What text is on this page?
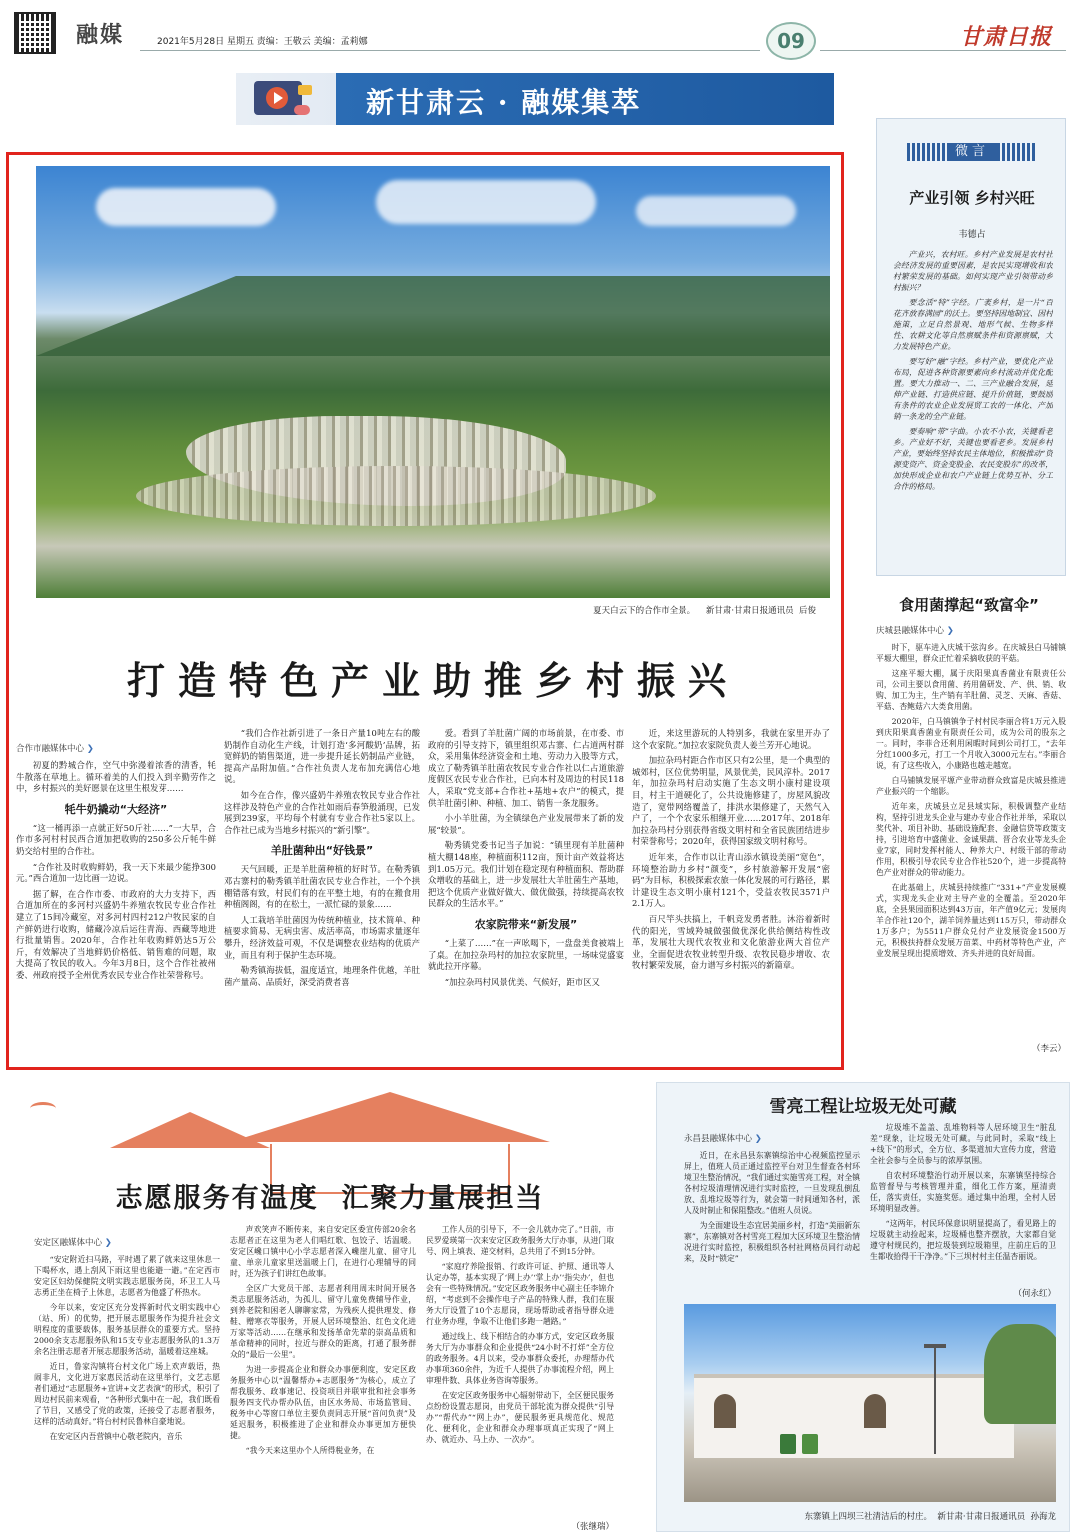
融媒	2021年5月28日 星期五 责编：王敬云 美编：孟莉娜	09	甘肃日报
新甘肃云 · 融媒集萃
夏天白云下的合作市全景。    新甘肃·甘肃日报通讯员  后俊
打造特色产业助推乡村振兴
合作市融媒体中心 ❯

初夏的黔城合作，空气中弥漫着浓香的清香，牦牛散落在草地上。循环着美的人们投入到辛勤劳作之中，乡村振兴的美好愿景在这里生根发芽……

牦牛奶撬动“大经济”

“这一桶再添一点就正好50斤社……”一大早，合作市多河村村民西合道加把收购的250多公斤牦牛鲜奶交给村里的合作社。

“合作社及时收购鲜奶，我一天下来最少能挣300元。”西合道加一边比画一边说。

据了解，在合作市委、市政府的大力支持下，西合道加所在的多河村兴盛奶牛养殖农牧民专业合作社建立了15间冷藏室，对多河村四村212户牧民家的自产鲜奶进行收购，储藏冷凉后运往青海、西藏等地进行批量销售。2020年，合作社年收购鲜奶达5万公斤，有效解决了当地鲜奶价格低、销售难的问题，取大提高了牧民的收入。今年3月8日，这个合作社被州委、州政府授予全州优秀农民专业合作社荣誉称号。

“我们合作社新引进了一条日产量10吨左右的酸奶制作自动化生产线，计划打造‘多河酸奶’品牌，拓宽鲜奶的销售渠道，进一步提升延长奶制品产业链，提高产品附加值。”合作社负责人龙布加充满信心地说。

如今在合作，像兴盛奶牛养殖农牧民专业合作社这样涉及特色产业的合作社如雨后春笋般涌现，已发展到239家，平均每个村就有专业合作社5家以上。合作社已成为当地乡村振兴的“新引擎”。

羊肚菌种出“好钱景”

天气回暖，正是羊肚菌种植的好时节。在勒秀镇邓古寨村的勒秀镇羊肚菌农民专业合作社，一个个拱棚错落有致，村民们有的在平整土地，有的在搬食用种植阁阁，有的在松土，一派忙碌的景象……

人工栽培羊肚菌因为传统种植业，技术简单、种植要求简易、无病虫害、成活率高，市场需求量逐年攀升，经济效益可观，不仅是调整农业结构的优质产业，而且有利于保护生态环境。

勒秀镇海拔低，温度适宜，地理条件优越，羊肚菌产量高、品质好，深受消费者喜

爱。看到了羊肚菌广阔的市场前景，在市委、市政府的引导支持下，镇里组织邓古寨、仁占道两村群众，采用集体经济资金和土地、劳动力入股等方式，成立了勒秀镇羊肚菌农牧民专业合作社以仁占道旅游度假区农民专业合作社，已向本村及周边的村民118人，采取“党支部+合作社+基地+农户”的模式，提供羊肚菌引种、种植、加工、销售一条龙服务。

小小羊肚菌，为全镇绿色产业发展带来了新的发展“较景”。

勒秀镇党委书记当子加说：“镇里现有羊肚菌种植大棚148座，种植面积112亩，预计亩产效益将达到1.05万元。我们计划在稳定现有种植面积、帮助群众增收的基础上，进一步发展壮大羊肚菌生产基地，把这个优质产业做好做大、做优做强，持续提高农牧民群众的生活水平。”

农家院带来“新发展”

“上菜了……”在一声吆喝下，一盘盘美食被端上了桌。在加拉杂玛村的加拉农家院里，一场味觉盛宴就此拉开序幕。

“加拉杂玛村风景优美、气候好，距市区又

近，来这里游玩的人特别多，我就在家里开办了这个农家院。”加拉农家院负责人姜兰芳开心地说。

加拉杂玛村距合作市区只有2公里，是一个典型的城郊村，区位优势明显，风景优美，民风淳朴。2017年，加拉杂玛村启动实施了生态文明小康村建设项目，村主干道硬化了，公共设施修建了，房屋风貌改造了，宽带网络覆盖了，排洪水渠修建了，天然气入户了，一个个农家乐相继开业……2017年、2018年加拉杂玛村分别获得省级文明村和全省民族团结进步村荣誉称号；2020年，获得国家级文明村称号。

近年来，合作市以让青山添水镇设美丽“宽色”，环境整治助力乡村“颜变”，乡村旅游解开发展“密码”为目标，积极探索农旅一体化发展的可行路径，累计建设生态文明小康村121个，受益农牧民3571户2.1万人。

百尺竿头扶搞上，千帆竞发勇者胜。沐浴着新时代的阳光，雪域羚城做强做优深化供给侧结构性改革，发展壮大现代农牧业和文化旅游业两大首位产业，全面促进农牧业转型升级、农牧民稳步增收、农牧村繁荣发展，奋力谱写乡村振兴的新篇章。

微言
产业引领 乡村兴旺
韦德占

产业兴，农村旺。乡村产业发展是农村社会经济发展的重要因素，是农民实现增收和农村繁荣发展的基础。如何实现产业引领带动乡村振兴？

要念活“特”字经。广袤乡村，是一片“百花齐放春满园”的沃土。要坚持因地制宜、因村施策，立足自然景观、地形气候、生物多样性、农耕文化等自然禀赋条件和资源禀赋，大力发展特色产业。

要写好“融”字经。乡村产业，要优化产业布局，促进各种资源要素向乡村流动并优化配置。要大力推动一、二、三产业融合发展，延伸产业链、打造供应链、提升价值链，要鼓励有条件的农业企业发展贸工农的一体化、产加销一条龙的全产业链。

要奏响“带”字曲。小农不小农，关键看老乡。产业好不好，关键也要看老乡。发展乡村产业，要始终坚持农民主体地位，积极推动“资源变资产、资金变股金、农民变股东”的改革，加快形成企业和农户产业链上优势互补、分工合作的格局。

食用菌撑起“致富伞”
庆城县融媒体中心 ❯

时下，驱车进入庆城干弦沟乡。在庆城县白马铺镇平塬大棚里，群众正忙着采摘收获的平菇。

这座平塬大棚，属于庆阳果真香菌业有限责任公司，公司主要以食用菌、药用菌研发、产、供、销、收购、加工为主，生产销有羊肚菌、灵芝、天麻、香菇、平菇、杏鲍菇六大类食用菌。

2020年，白马镇镇争子村村民李丽合将1万元入股到庆阳果真香菌业有限责任公司，成为公司的股东之一。同时，李菲合还利用闲暇时间到公司打工，“去年分红1000多元，打工一个月收入3000元左右。”李丽合说，有了这些收入，小康路也越走越宽。

白马铺镇发展平塬产业带动群众致富是庆城县推进产业振兴的一个缩影。

近年来，庆城县立足县域实际，积极调整产业结构，坚持引进龙头企业与建办专业合作社并举，采取以奖代补、项目补助、基础设施配套、金融信贷等政策支持，引进培育中盛菌业、金诚果蔬、晋合农业等龙头企业7家，同时发挥村能人、种养大户、村级干部的带动作用，积极引导农民专业合作社520个，进一步提高特色产业对群众的带动能力。

在此基础上，庆城县持续推广“331+”产业发展模式，实现龙头企业对主导产业的全覆盖。至2020年底，全县果园面积达到43万亩，年产值9亿元；发展肉羊合作社120个，湖羊饲养量达到115万只，带动群众1万多户；为5511户群众兑付产业发展资金1500万元，积极扶持群众发展万苗菜、中药材等特色产业，产业发展呈现出提质增效、齐头并进的良好局面。

（李云）
志愿服务有温度  汇聚力量展担当
安定区融媒体中心 ❯

“安定附近扫马路，平时遇了累了就来这里休息一下喝杯水，遇上刮风下雨这里也能避一避。”在定西市安定区妇幼保健院文明实践志愿服务岗，环卫工人马志勇正坐在椅子上休息，志愿者为他盛了杯热水。

今年以来，安定区充分发挥新时代文明实践中心（站、所）的优势，把开展志愿服务作为提升社会文明程度的重要载体，服务基层群众的重要方式。坚持2000余支志愿服务队和15支专业志愿服务队的1.3万余名注册志愿者开展志愿服务活动，温暖着这座城。

近日，鲁家沟镇将台村文化广场上欢声载语，热闹非凡，文化进万家惠民活动在这里举行，文艺志愿者们通过“志愿服务+宣讲+文艺表演”的形式，积引了周边村民前来观看，“各种形式集中在一起，我们既看了节目，又感受了党的政策，还接受了志愿者服务，这样的活动真好。”将台村村民鲁林自豪地说。

在安定区内吾营镇中心敬老院内，音乐

声欢笑声不断传来，来自安定区委宣传部20余名志愿者正在这里为老人们唱红歌、包饺子、话温暖。安定区巉口镇中心小学志愿者深入巉崖儿童、留守儿童、单亲儿童家里送温暖上门，在进行心理辅导的同时，还为孩子们讲红色故事。

全区广大党员干部、志愿者利用周末时间开展各类志愿服务活动，为孤儿、留守儿童免费辅导作业，到养老院和困老人聊聊家常，为残疾人提供理发、修鞋、赠寒衣等服务，开展人居环境整治、红色文化进万家等活动……在继承和发扬革命先辈的崇高品质和革命精神的同时，拉近与群众的距离，打通了服务群众的“最后一公里”。

为进一步提高企业和群众办事便利度，安定区政务服务中心以“温馨帮办+志愿服务”为核心，成立了帮我服务、政事速记、投资项目并联审批和社会事务服务四支代办帮办队伍，由区水务局、市场监管局、税务中心等窗口单位主要负责同志开展“首问负责”及延迟服务，积极推进了企业和群众办事更加方便快捷。

“我今天来这里办个人所得税业务，在

工作人员的引导下，不一会儿就办完了。”日前，市民罗爱瑛第一次来安定区政务服务大厅办事，从进门取号、网上填表、递交材料，总共用了不到15分钟。

“家庭疗养险报销、行政许可证、护照、通讯等人认定办等，基本实现了‘网上办’‘掌上办’‘指尖办’，但也会有一些特殊情况。”安定区政务服务中心副主任李锦介绍，“考虑到不会操作电子产品的特殊人群，我们在服务大厅设置了10个志愿岗，现场帮助或者指导群众进行业务办理，争取不让他们多跑一趟路。”

通过线上、线下相结合的办事方式，安定区政务服务大厅为办事群众和企业提供“24小时不打烊”全方位的政务服务。4月以来，受办事群众委托，办理帮办代办事项360余件，为近千人提供了办事流程介绍，网上审理件数、具体业务咨询等服务。

在安定区政务服务中心辐射带动下，全区便民服务点纷纷设置志愿岗，由党员干部轮流为群众提供“引导办”“帮代办”“网上办”，便民服务更具规范化、规范化、便利化，企业和群众办理事项真正实现了“网上办、就近办、马上办、一次办”。

（张继瑞）
雪亮工程让垃圾无处可藏
永昌县融媒体中心 ❯

近日，在永昌县东寨镇综治中心视频监控显示屏上，值班人员正通过监控平台对卫生督查各村环境卫生整治情况，“我们通过实施雪亮工程，对全镇各村垃圾清理情况进行实时监控，一旦发现乱倒乱放、乱堆垃圾等行为，就会第一时间通知各村，派人及时制止和保阻整改。”值班人员说。

为全面建设生态宜居美丽乡村，打造“美丽新东寨”，东寨镇对各村雪亮工程加大区环境卫生整治情况进行实时监控，积极组织各村社网格员同行动起来，及时“锁定”

垃圾堆不盖盖、乱堆物料等人居环境卫生“脏乱差”现象，让垃圾无处可藏。与此同时，采取“线上+线下”的形式，全方位、多渠道加大宣传力度，营造全社会参与全员参与的浓厚氛围。

自农村环境整治行动开展以来，东寨镇坚持综合监管督导与考核管理并重，细化工作方案，厘清责任，落实责任，实施奖惩。通过集中治理，全村人居环境明显改善。

“这两年，村民环保意识明显提高了，看见路上的垃圾就主动捡起来，垃圾桶也整齐摆放，大家都自觉遵守村规民约，把垃圾装到垃圾箱里，庄前庄后的卫生都收拾得干干净净。”下三坝村村主任温杏丽说。

（何永红）
东寨镇上四坝三社清洁后的村庄。  新甘肃·甘肃日报通讯员  孙海龙
